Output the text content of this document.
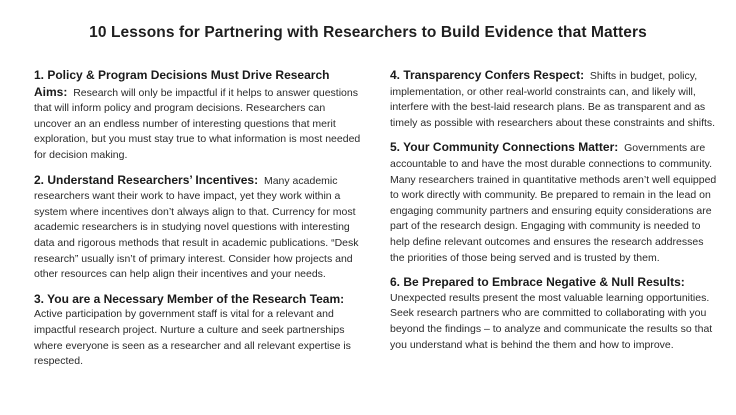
10 Lessons for Partnering with Researchers to Build Evidence that Matters
1. Policy & Program Decisions Must Drive Research Aims: Research will only be impactful if it helps to answer questions that will inform policy and program decisions. Researchers can uncover an an endless number of interesting questions that merit exploration, but you must stay true to what information is most needed for decision making.
2. Understand Researchers’ Incentives: Many academic researchers want their work to have impact, yet they work within a system where incentives don’t always align to that. Currency for most academic researchers is in studying novel questions with interesting data and rigorous methods that result in academic publications. “Desk research” usually isn’t of primary interest. Consider how projects and other resources can help align their incentives and your needs.
3. You are a Necessary Member of the Research Team:
Active participation by government staff is vital for a relevant and impactful research project. Nurture a culture and seek partnerships where everyone is seen as a researcher and all relevant expertise is respected.
4. Transparency Confers Respect: Shifts in budget, policy, implementation, or other real-world constraints can, and likely will, interfere with the best-laid research plans. Be as transparent and as timely as possible with researchers about these constraints and shifts.
5. Your Community Connections Matter: Governments are accountable to and have the most durable connections to community. Many researchers trained in quantitative methods aren’t well equipped to work directly with community. Be prepared to remain in the lead on engaging community partners and ensuring equity considerations are part of the research design. Engaging with community is needed to help define relevant outcomes and ensures the research addresses the priorities of those being served and is trusted by them.
6. Be Prepared to Embrace Negative & Null Results:
Unexpected results present the most valuable learning opportunities. Seek research partners who are committed to collaborating with you beyond the findings – to analyze and communicate the results so that you understand what is behind the them and how to improve.
